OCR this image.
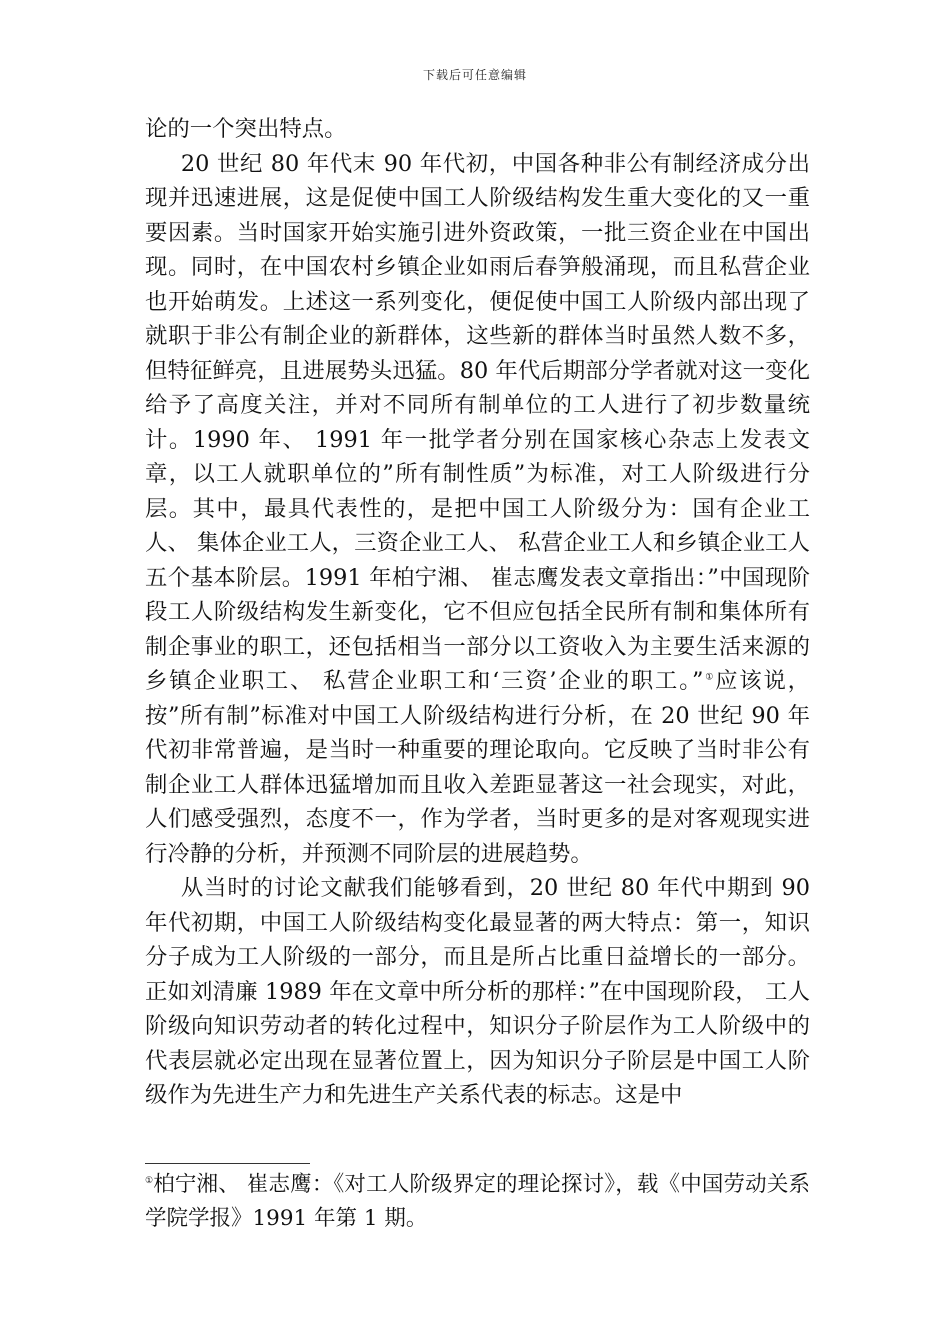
下载后可任意编辑

论的一个突出特点。

20 世纪 80 年代末 90 年代初，中国各种非公有制经济成分出现并迅速进展，这是促使中国工人阶级结构发生重大变化的又一重要因素。当时国家开始实施引进外资政策，一批三资企业在中国出现。同时，在中国农村乡镇企业如雨后春笋般涌现，而且私营企业也开始萌发。上述这一系列变化，便促使中国工人阶级内部出现了就职于非公有制企业的新群体，这些新的群体当时虽然人数不多，但特征鲜亮，且进展势头迅猛。80 年代后期部分学者就对这一变化给予了高度关注，并对不同所有制单位的工人进行了初步数量统计。1990 年、 1991 年一批学者分别在国家核心杂志上发表文章，以工人就职单位的”所有制性质”为标准，对工人阶级进行分层。其中，最具代表性的，是把中国工人阶级分为：国有企业工人、 集体企业工人，三资企业工人、 私营企业工人和乡镇企业工人五个基本阶层。1991 年柏宁湘、 崔志鹰发表文章指出：”中国现阶段工人阶级结构发生新变化，它不但应包括全民所有制和集体所有制企事业的职工，还包括相当一部分以工资收入为主要生活来源的乡镇企业职工、 私营企业职工和‘三资’企业的职工。”①应该说，按”所有制”标准对中国工人阶级结构进行分析，在 20 世纪 90 年代初非常普遍，是当时一种重要的理论取向。它反映了当时非公有制企业工人群体迅猛增加而且收入差距显著这一社会现实，对此，人们感受强烈，态度不一，作为学者，当时更多的是对客观现实进行冷静的分析，并预测不同阶层的进展趋势。

从当时的讨论文献我们能够看到，20 世纪 80 年代中期到 90 年代初期，中国工人阶级结构变化最显著的两大特点：第一，知识分子成为工人阶级的一部分，而且是所占比重日益增长的一部分。正如刘清廉 1989 年在文章中所分析的那样：”在中国现阶段， 工人阶级向知识劳动者的转化过程中，知识分子阶层作为工人阶级中的代表层就必定出现在显著位置上，因为知识分子阶层是中国工人阶级作为先进生产力和先进生产关系代表的标志。这是中

①柏宁湘、 崔志鹰：《对工人阶级界定的理论探讨》，载《中国劳动关系学院学报》1991 年第 1 期。
